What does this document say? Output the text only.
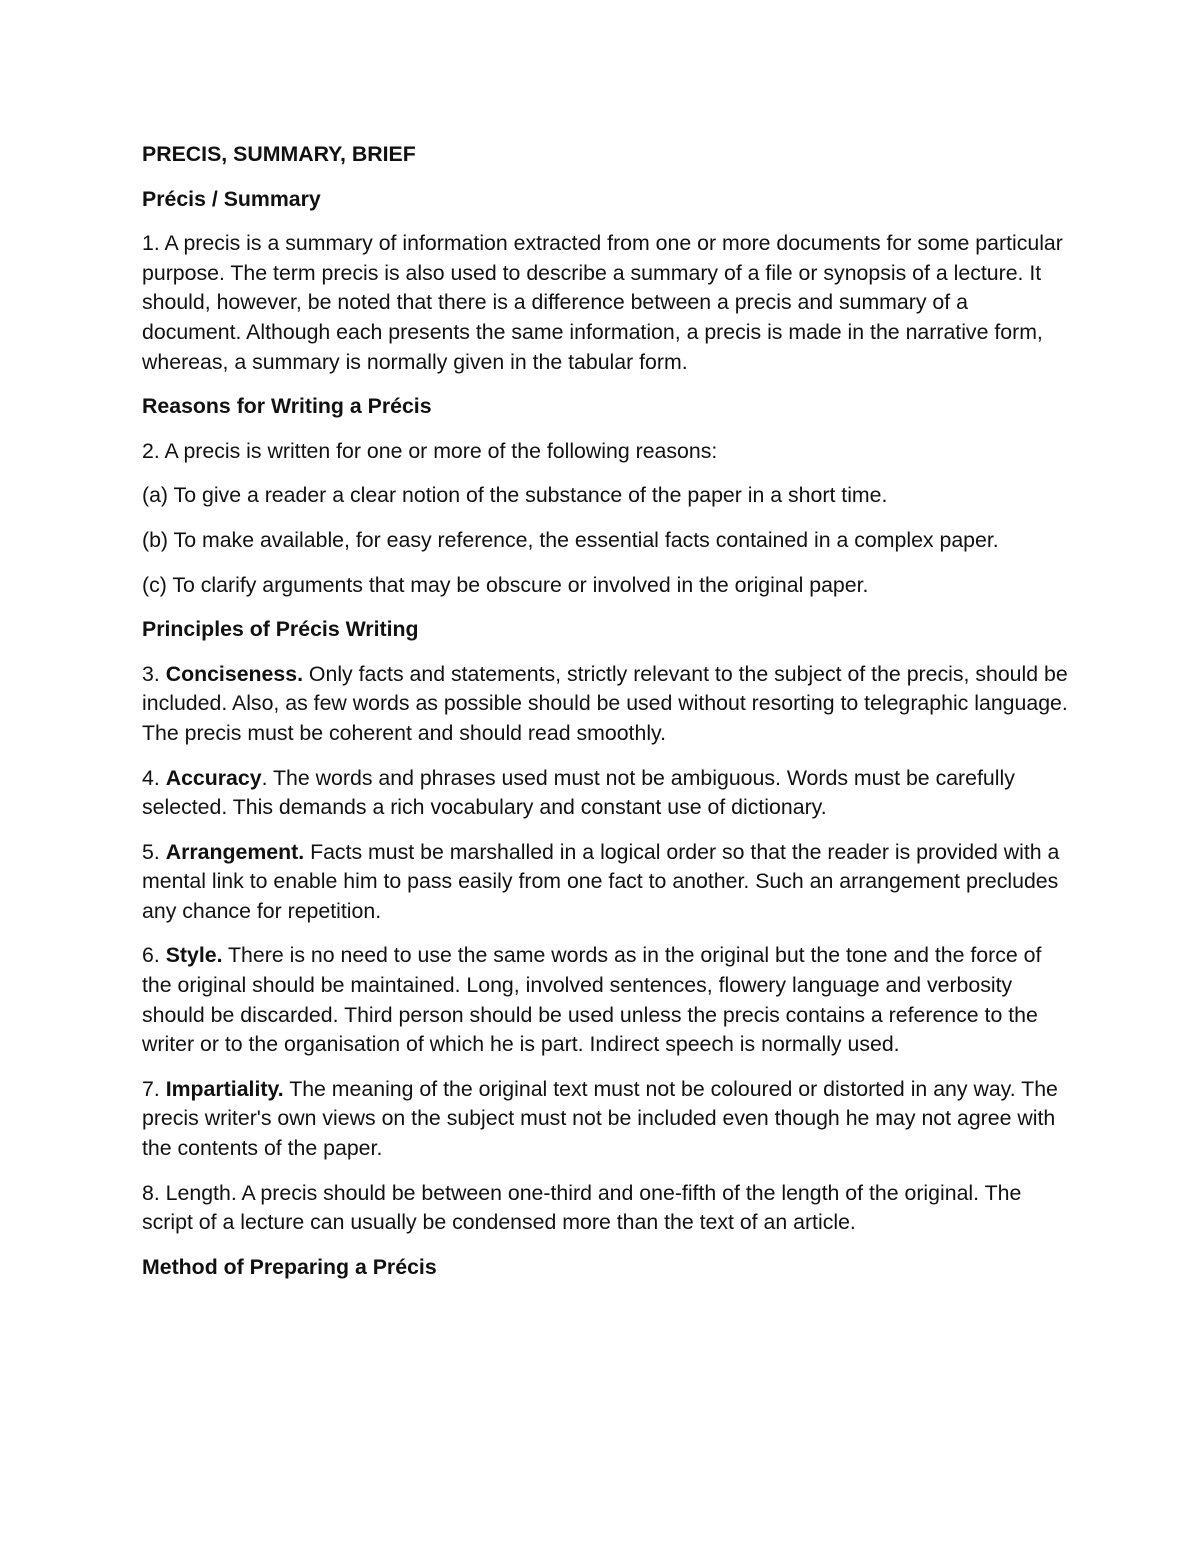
PRECIS, SUMMARY, BRIEF

Précis / Summary

1. A precis is a summary of information extracted from one or more documents for some particular purpose. The term precis is also used to describe a summary of a file or synopsis of a lecture. It should, however, be noted that there is a difference between a precis and summary of a document. Although each presents the same information, a precis is made in the narrative form, whereas, a summary is normally given in the tabular form.

Reasons for Writing a Précis

2. A precis is written for one or more of the following reasons:

(a) To give a reader a clear notion of the substance of the paper in a short time.

(b) To make available, for easy reference, the essential facts contained in a complex paper.

(c) To clarify arguments that may be obscure or involved in the original paper.

Principles of Précis Writing

3. Conciseness. Only facts and statements, strictly relevant to the subject of the precis, should be included. Also, as few words as possible should be used without resorting to telegraphic language. The precis must be coherent and should read smoothly.

4. Accuracy. The words and phrases used must not be ambiguous. Words must be carefully selected. This demands a rich vocabulary and constant use of dictionary.

5. Arrangement. Facts must be marshalled in a logical order so that the reader is provided with a mental link to enable him to pass easily from one fact to another. Such an arrangement precludes any chance for repetition.

6. Style. There is no need to use the same words as in the original but the tone and the force of the original should be maintained. Long, involved sentences, flowery language and verbosity should be discarded. Third person should be used unless the precis contains a reference to the writer or to the organisation of which he is part. Indirect speech is normally used.

7. Impartiality. The meaning of the original text must not be coloured or distorted in any way. The precis writer's own views on the subject must not be included even though he may not agree with the contents of the paper.

8. Length. A precis should be between one-third and one-fifth of the length of the original. The script of a lecture can usually be condensed more than the text of an article.

Method of Preparing a Précis
